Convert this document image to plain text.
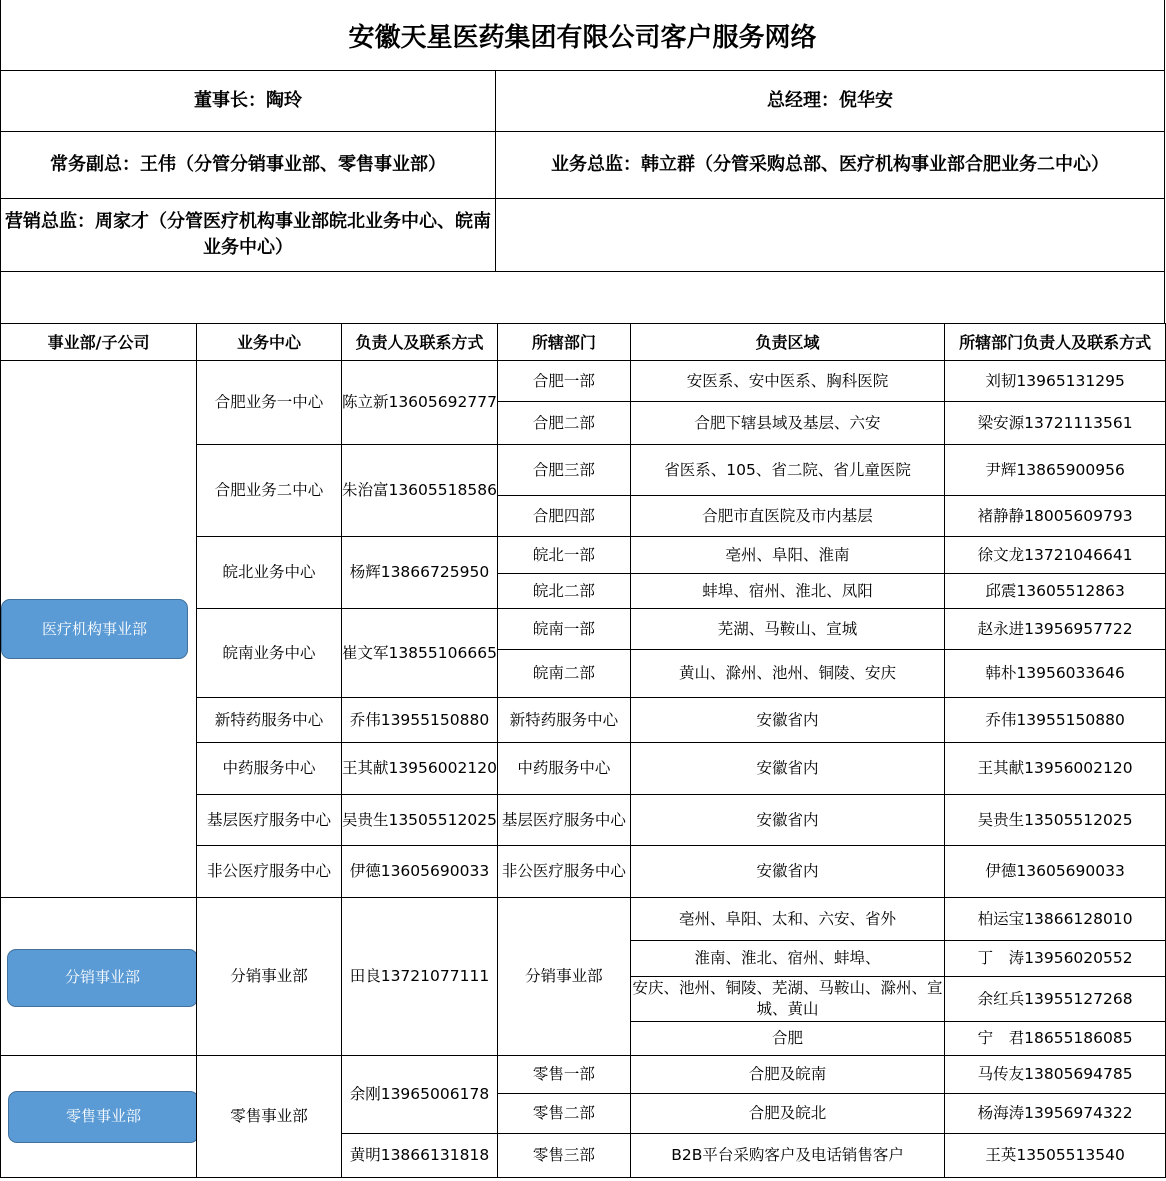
安徽天星医药集团有限公司客户服务网络
董事长：陶玲	总经理：倪华安
常务副总：王伟（分管分销事业部、零售事业部）	业务总监：韩立群（分管采购总部、医疗机构事业部合肥业务二中心）
营销总监：周家才（分管医疗机构事业部皖北业务中心、皖南业务中心）
事业部/子公司	业务中心	负责人及联系方式	所辖部门	负责区域	所辖部门负责人及联系方式

医疗机构事业部	合肥业务一中心	陈立新13605692777	合肥一部	安医系、安中医系、胸科医院	刘韧13965131295
			合肥二部	合肥下辖县域及基层、六安	梁安源13721113561
	合肥业务二中心	朱治富13605518586	合肥三部	省医系、105、省二院、省儿童医院	尹辉13865900956
			合肥四部	合肥市直医院及市内基层	褚静静18005609793
	皖北业务中心	杨辉13866725950	皖北一部	亳州、阜阳、淮南	徐文龙13721046641
			皖北二部	蚌埠、宿州、淮北、凤阳	邱震13605512863
	皖南业务中心	崔文军13855106665	皖南一部	芜湖、马鞍山、宣城	赵永进13956957722
			皖南二部	黄山、滁州、池州、铜陵、安庆	韩朴13956033646
	新特药服务中心	乔伟13955150880	新特药服务中心	安徽省内	乔伟13955150880
	中药服务中心	王其献13956002120	中药服务中心	安徽省内	王其献13956002120
	基层医疗服务中心	吴贵生13505512025	基层医疗服务中心	安徽省内	吴贵生13505512025
	非公医疗服务中心	伊德13605690033	非公医疗服务中心	安徽省内	伊德13605690033

分销事业部	分销事业部	田良13721077111	分销事业部	亳州、阜阳、太和、六安、省外	柏运宝13866128010
				淮南、淮北、宿州、蚌埠、	丁　涛13956020552
				安庆、池州、铜陵、芜湖、马鞍山、滁州、宣城、黄山	余红兵13955127268
				合肥	宁　君18655186085

零售事业部	零售事业部	余刚13965006178	零售一部	合肥及皖南	马传友13805694785
			零售二部	合肥及皖北	杨海涛13956974322
		黄明13866131818	零售三部	B2B平台采购客户及电话销售客户	王英13505513540
